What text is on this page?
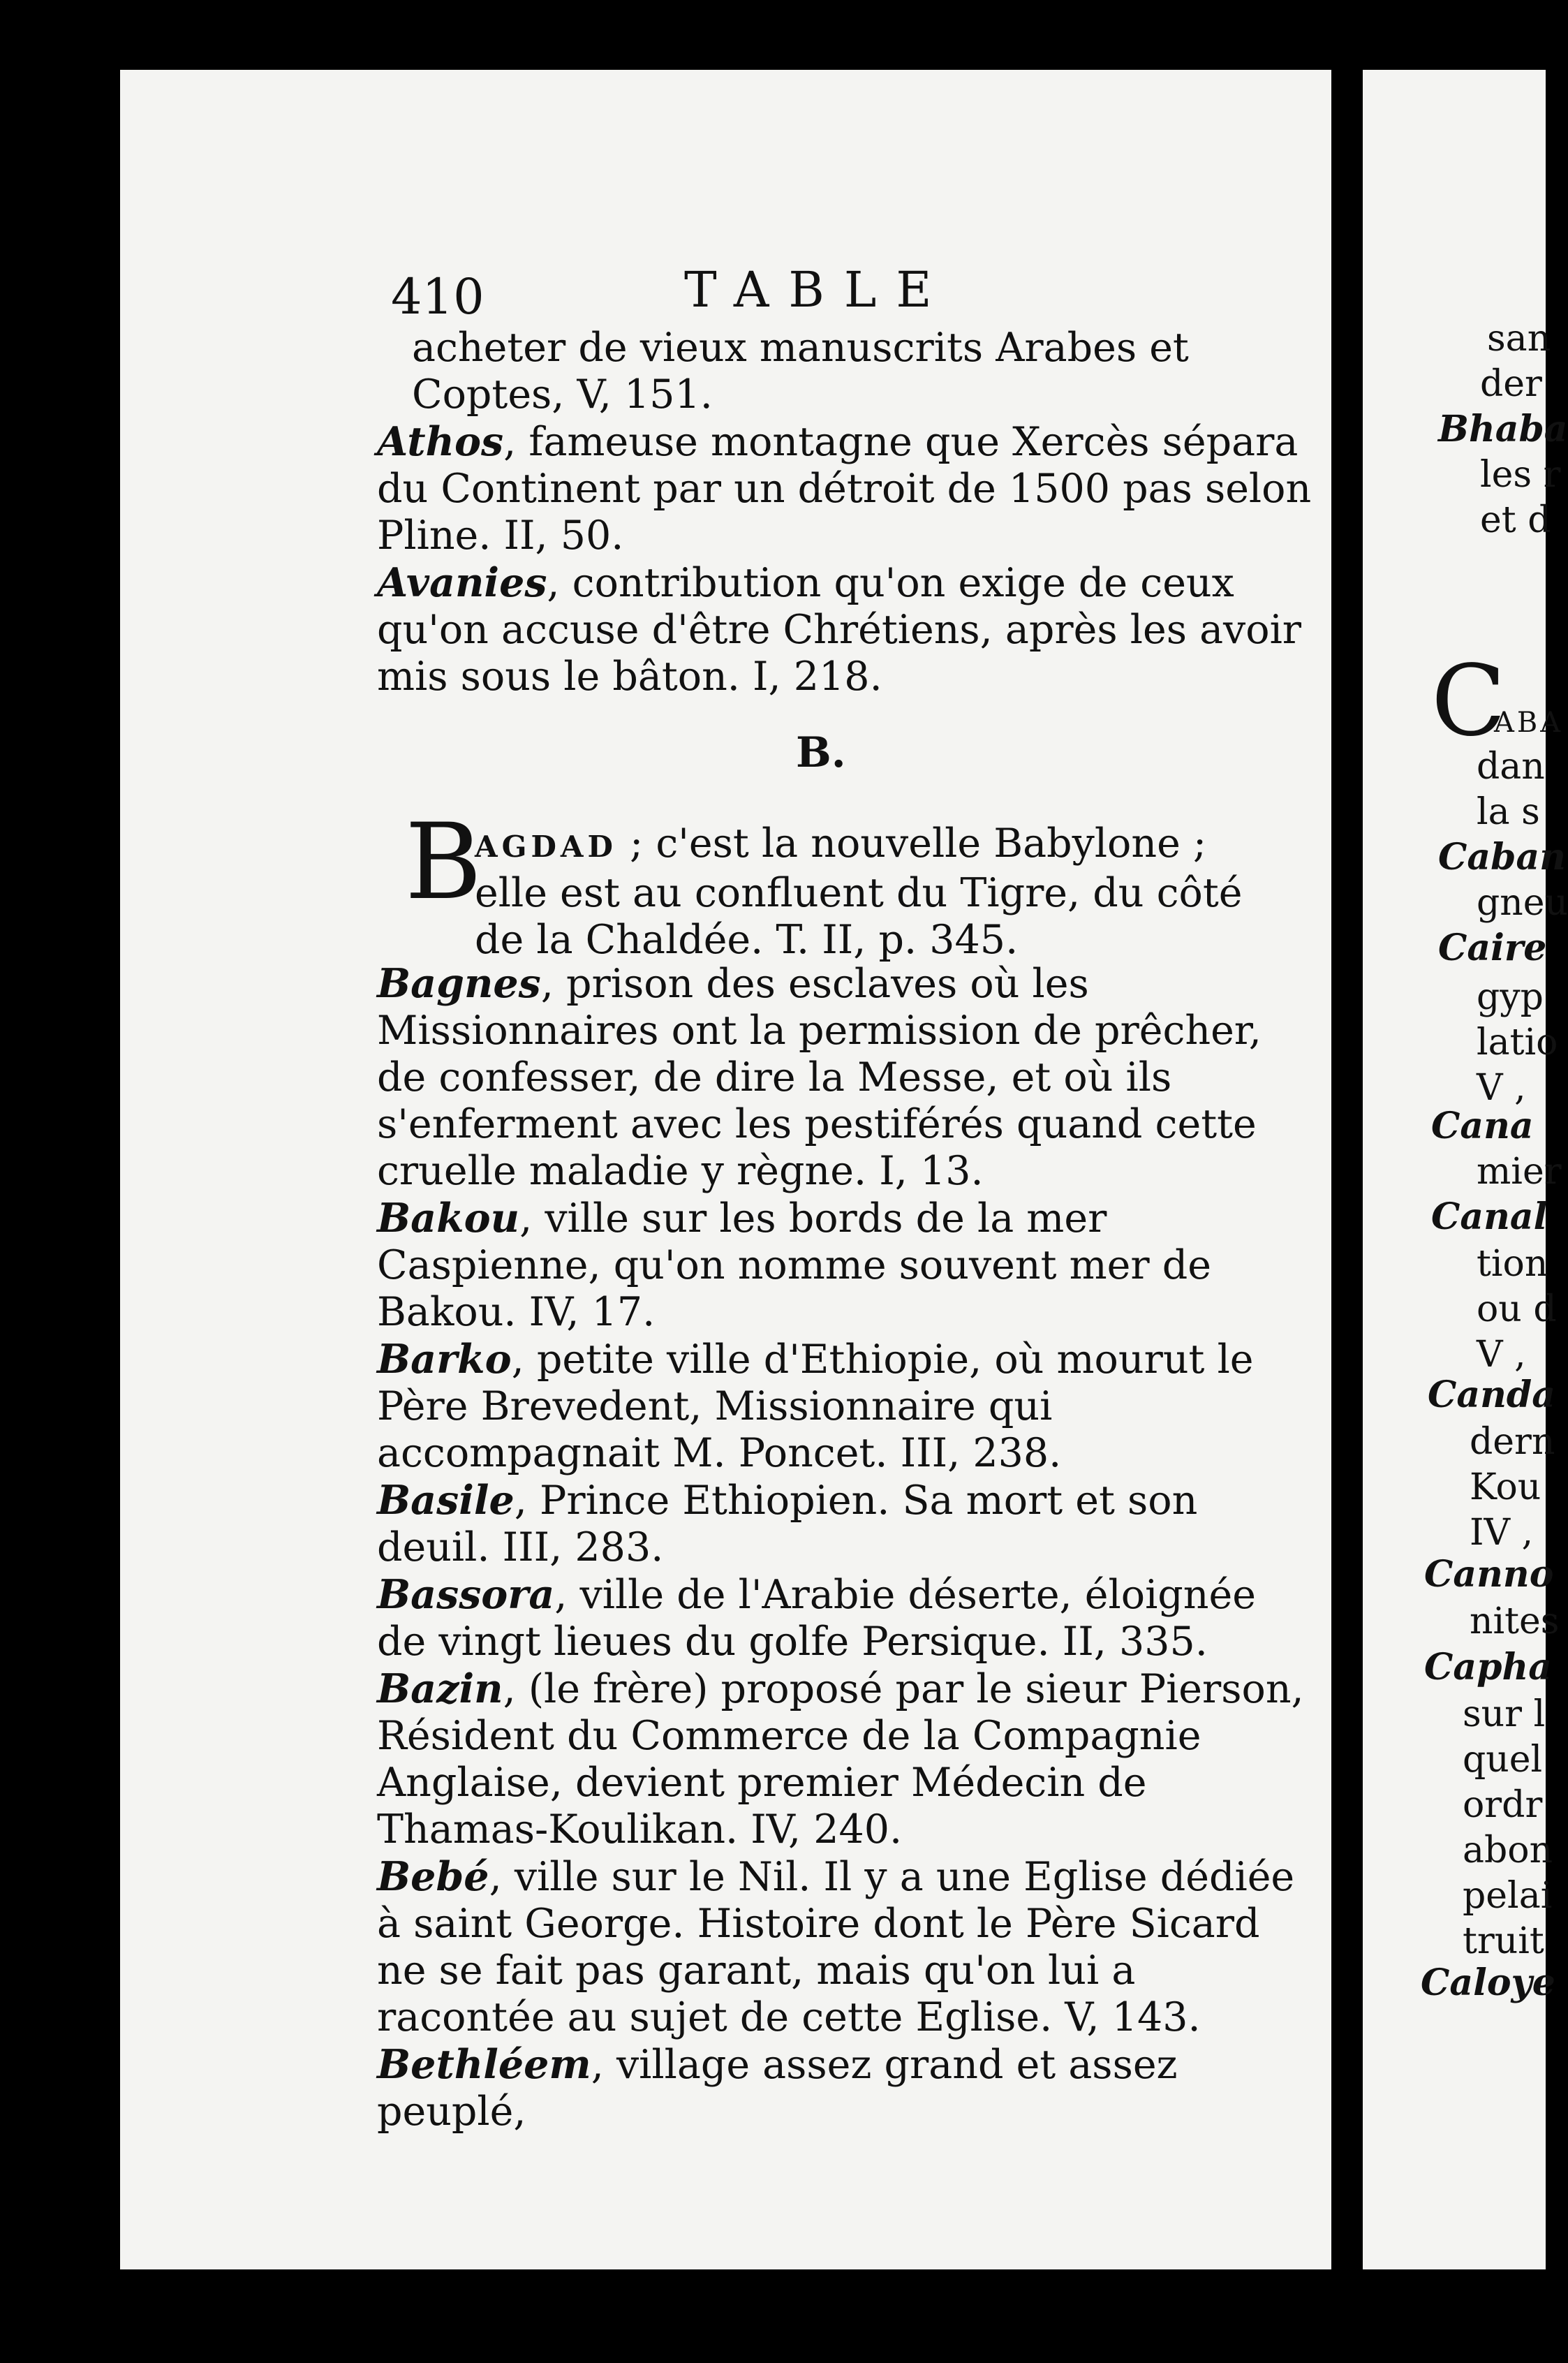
410	TABLE

acheter de vieux manuscrits Arabes et Coptes, V, 151.

Athos, fameuse montagne que Xercès sépara du Continent par un détroit de 1500 pas selon Pline. II, 50.

Avanies, contribution qu'on exige de ceux qu'on accuse d'être Chrétiens, après les avoir mis sous le bâton. I, 218.

B.
B

AGDAD ; c'est la nouvelle Babylone ; elle est au confluent du Tigre, du côté de la Chaldée. T. II, p. 345.

Bagnes, prison des esclaves où les Missionnaires ont la permission de prêcher, de confesser, de dire la Messe, et où ils s'enferment avec les pestiférés quand cette cruelle maladie y règne. I, 13.

Bakou, ville sur les bords de la mer Caspienne, qu'on nomme souvent mer de Bakou. IV, 17.

Barko, petite ville d'Ethiopie, où mourut le Père Brevedent, Missionnaire qui accompagnait M. Poncet. III, 238.

Basile, Prince Ethiopien. Sa mort et son deuil. III, 283.

Bassora, ville de l'Arabie déserte, éloignée de vingt lieues du golfe Persique. II, 335.

Bazin, (le frère) proposé par le sieur Pierson, Résident du Commerce de la Compagnie Anglaise, devient premier Médecin de Thamas-Koulikan. IV, 240.

Bebé, ville sur le Nil. Il y a une Eglise dédiée à saint George. Histoire dont le Père Sicard ne se fait pas garant, mais qu'on lui a racontée au sujet de cette Eglise. V, 143.

Bethléem, village assez grand et assez peuplé,

C
san
der
Bhaba
les r
et d
ABA
dan
la s
Caban
gneu
Caire
gyp
latio
V ,
Cana
mier
Canal
tion
ou d
V ,
Canda
dern
Kou
IV ,
Canno
nites
Capha
sur l
quel
ordr
abon
pelai
truit
Caloye
